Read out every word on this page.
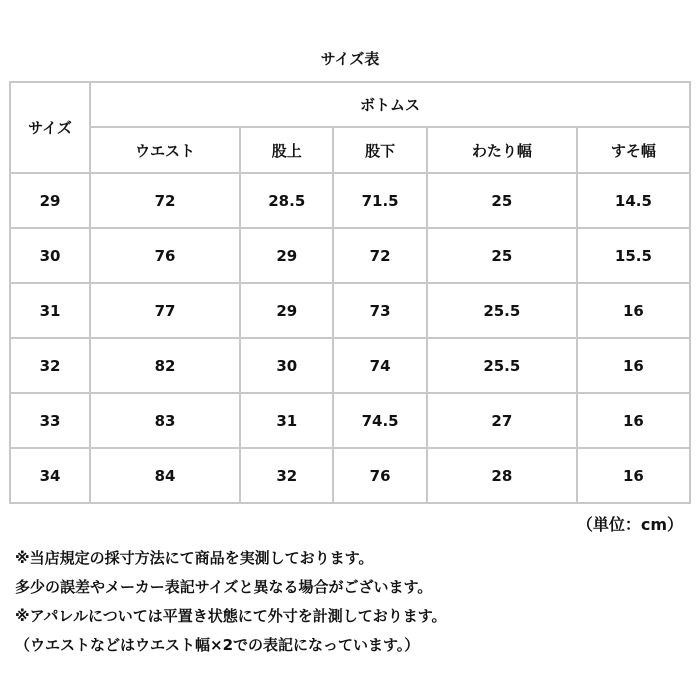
サイズ表
サイズ	ボトムス				
	ウエスト	股上	股下	わたり幅	すそ幅
29	72	28.5	71.5	25	14.5
30	76	29	72	25	15.5
31	77	29	73	25.5	16
32	82	30	74	25.5	16
33	83	31	74.5	27	16
34	84	32	76	28	16
（単位：cm）
※当店規定の採寸方法にて商品を実測しております。
多少の誤差やメーカー表記サイズと異なる場合がございます。
※アパレルについては平置き状態にて外寸を計測しております。
（ウエストなどはウエスト幅×2での表記になっています。）
